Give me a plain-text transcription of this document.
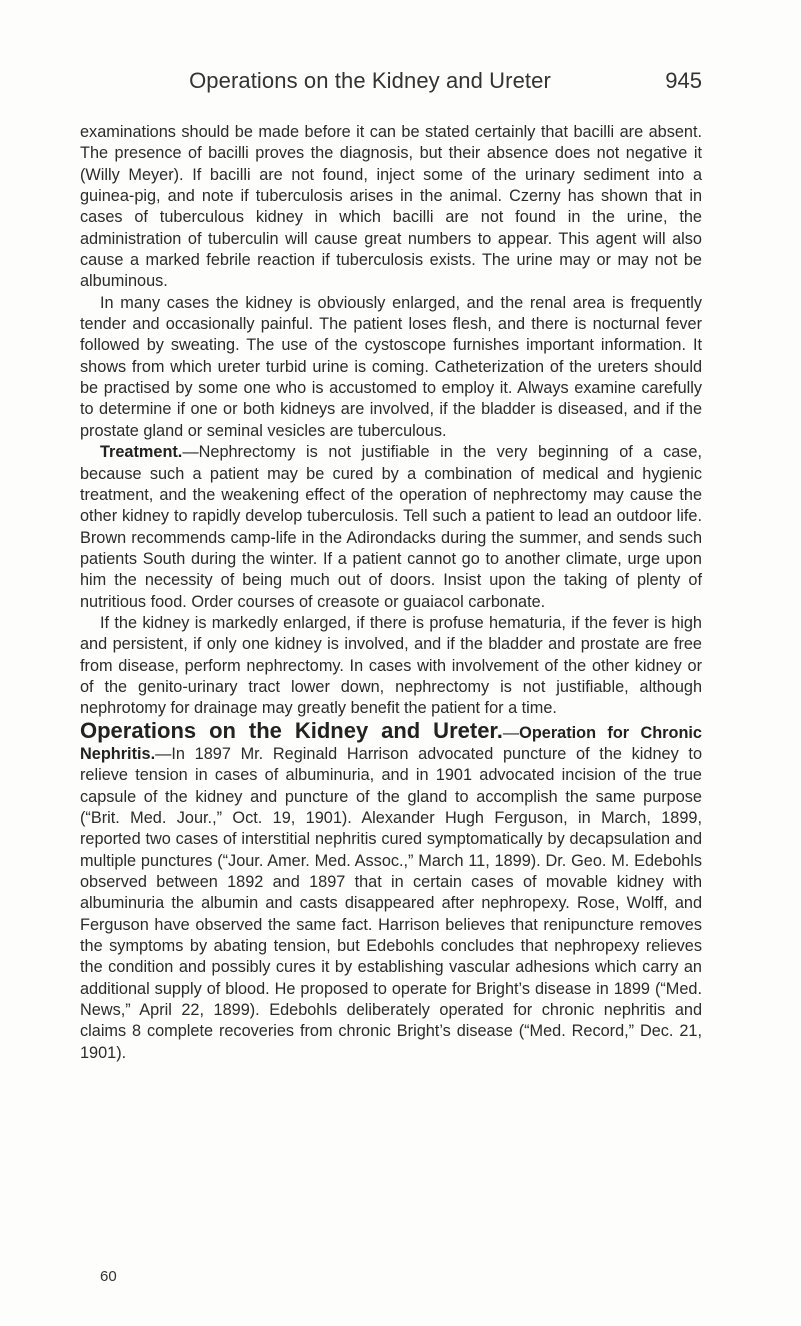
Operations on the Kidney and Ureter	945

examinations should be made before it can be stated certainly that bacilli are absent. The presence of bacilli proves the diagnosis, but their absence does not negative it (Willy Meyer). If bacilli are not found, inject some of the urinary sediment into a guinea-pig, and note if tuberculosis arises in the animal. Czerny has shown that in cases of tuberculous kidney in which bacilli are not found in the urine, the administration of tuberculin will cause great numbers to appear. This agent will also cause a marked febrile reaction if tuberculosis exists. The urine may or may not be albuminous.

In many cases the kidney is obviously enlarged, and the renal area is frequently tender and occasionally painful. The patient loses flesh, and there is nocturnal fever followed by sweating. The use of the cystoscope furnishes important information. It shows from which ureter turbid urine is coming. Catheterization of the ureters should be practised by some one who is accustomed to employ it. Always examine carefully to determine if one or both kidneys are involved, if the bladder is diseased, and if the prostate gland or seminal vesicles are tuberculous.

Treatment.—Nephrectomy is not justifiable in the very beginning of a case, because such a patient may be cured by a combination of medical and hygienic treatment, and the weakening effect of the operation of nephrectomy may cause the other kidney to rapidly develop tuberculosis. Tell such a patient to lead an outdoor life. Brown recommends camp-life in the Adirondacks during the summer, and sends such patients South during the winter. If a patient cannot go to another climate, urge upon him the necessity of being much out of doors. Insist upon the taking of plenty of nutritious food. Order courses of creasote or guaiacol carbonate.

If the kidney is markedly enlarged, if there is profuse hematuria, if the fever is high and persistent, if only one kidney is involved, and if the bladder and prostate are free from disease, perform nephrectomy. In cases with involvement of the other kidney or of the genito-urinary tract lower down, nephrectomy is not justifiable, although nephrotomy for drainage may greatly benefit the patient for a time.

Operations on the Kidney and Ureter.—Operation for Chronic Nephritis.—In 1897 Mr. Reginald Harrison advocated puncture of the kidney to relieve tension in cases of albuminuria, and in 1901 advocated incision of the true capsule of the kidney and puncture of the gland to accomplish the same purpose (“Brit. Med. Jour.,” Oct. 19, 1901). Alexander Hugh Ferguson, in March, 1899, reported two cases of interstitial nephritis cured symptomatically by decapsulation and multiple punctures (“Jour. Amer. Med. Assoc.,” March 11, 1899). Dr. Geo. M. Edebohls observed between 1892 and 1897 that in certain cases of movable kidney with albuminuria the albumin and casts disappeared after nephropexy. Rose, Wolff, and Ferguson have observed the same fact. Harrison believes that renipuncture removes the symptoms by abating tension, but Edebohls concludes that nephropexy relieves the condition and possibly cures it by establishing vascular adhesions which carry an additional supply of blood. He proposed to operate for Bright’s disease in 1899 (“Med. News,” April 22, 1899). Edebohls deliberately operated for chronic nephritis and claims 8 complete recoveries from chronic Bright’s disease (“Med. Record,” Dec. 21, 1901).

60
